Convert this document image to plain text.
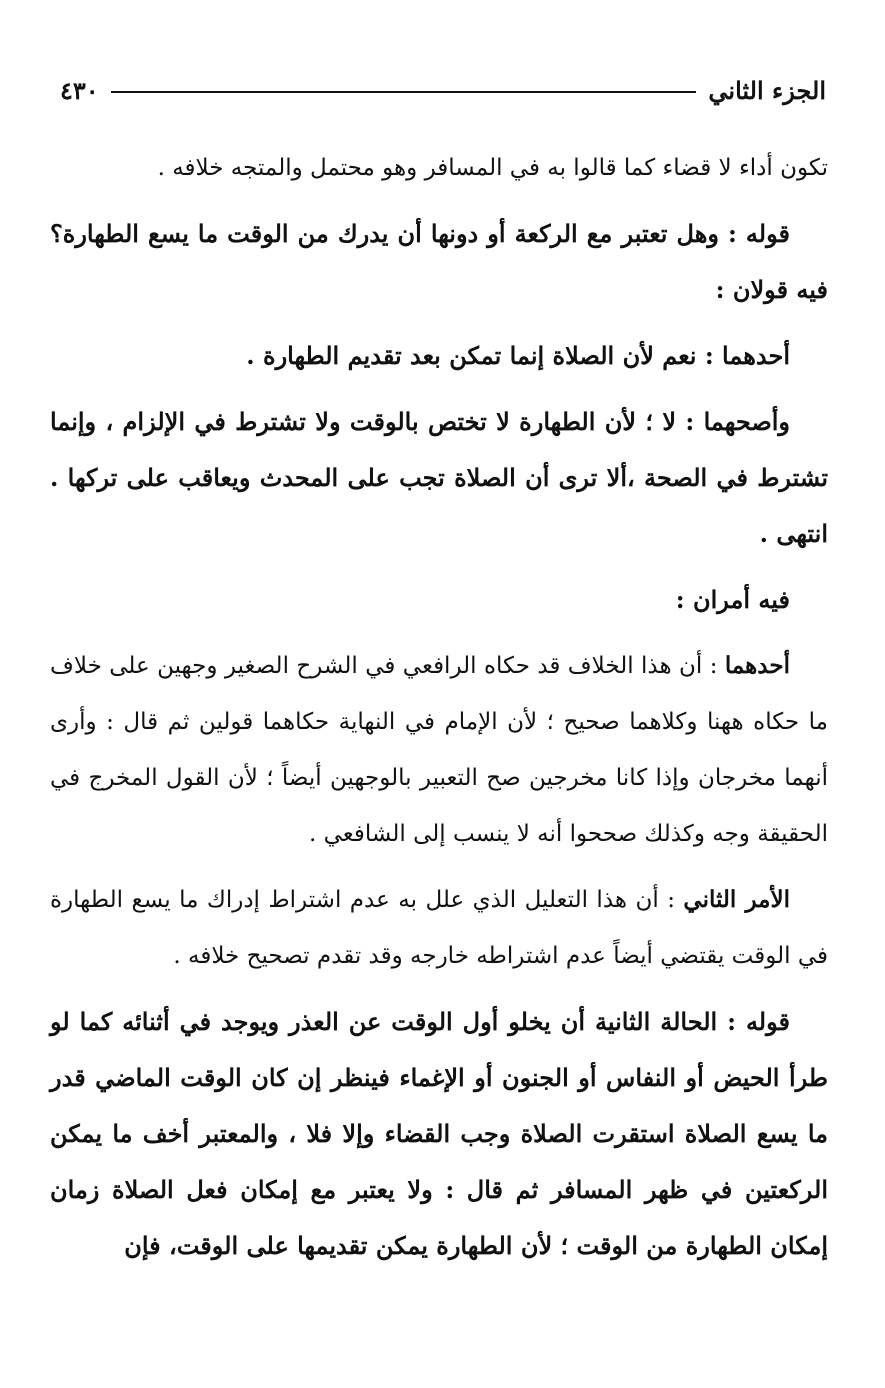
الجزء الثاني
٤٣٠

تكون أداء لا قضاء كما قالوا به في المسافر وهو محتمل والمتجه خلافه .

قوله : وهل تعتبر مع الركعة أو دونها أن يدرك من الوقت ما يسع الطهارة؟ فيه قولان :

أحدهما : نعم لأن الصلاة إنما تمكن بعد تقديم الطهارة .

وأصحهما : لا ؛ لأن الطهارة لا تختص بالوقت ولا تشترط في الإلزام ، وإنما تشترط في الصحة ،ألا ترى أن الصلاة تجب على المحدث ويعاقب على تركها . انتهى .

فيه أمران :

أحدهما : أن هذا الخلاف قد حكاه الرافعي في الشرح الصغير وجهين على خلاف ما حكاه ههنا وكلاهما صحيح ؛ لأن الإمام في النهاية حكاهما قولين ثم قال : وأرى أنهما مخرجان وإذا كانا مخرجين صح التعبير بالوجهين أيضاً ؛ لأن القول المخرج في الحقيقة وجه وكذلك صححوا أنه لا ينسب إلى الشافعي .

الأمر الثاني : أن هذا التعليل الذي علل به عدم اشتراط إدراك ما يسع الطهارة في الوقت يقتضي أيضاً عدم اشتراطه خارجه وقد تقدم تصحيح خلافه .

قوله : الحالة الثانية أن يخلو أول الوقت عن العذر ويوجد في أثنائه كما لو طرأ الحيض أو النفاس أو الجنون أو الإغماء فينظر إن كان الوقت الماضي قدر ما يسع الصلاة استقرت الصلاة وجب القضاء وإلا فلا ، والمعتبر أخف ما يمكن الركعتين في ظهر المسافر ثم قال : ولا يعتبر مع إمكان فعل الصلاة زمان إمكان الطهارة من الوقت ؛ لأن الطهارة يمكن تقديمها على الوقت، فإن
